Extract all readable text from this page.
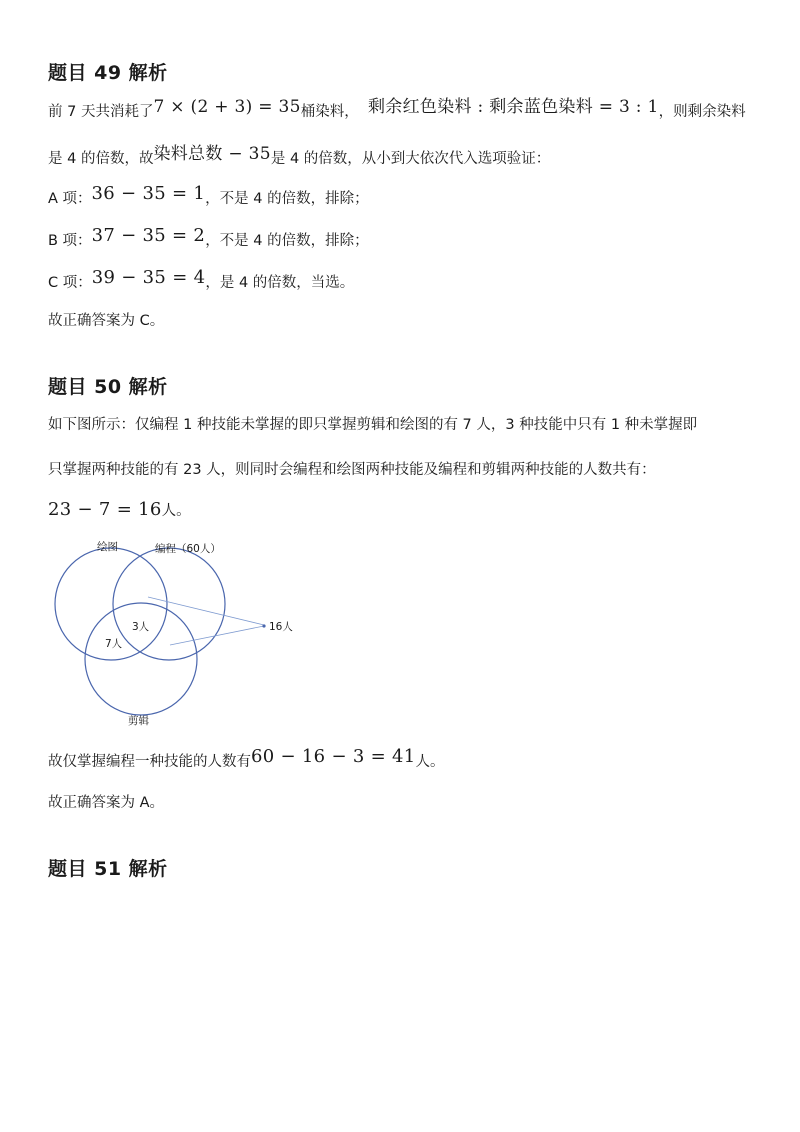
题目 49 解析
前 7 天共消耗了7 × (2 + 3) = 35桶染料， 剩余红色染料 : 剩余蓝色染料 = 3 : 1，则剩余染料
是 4 的倍数，故染料总数 − 35是 4 的倍数，从小到大依次代入选项验证：
A 项：36 − 35 = 1，不是 4 的倍数，排除；
B 项：37 − 35 = 2，不是 4 的倍数，排除；
C 项：39 − 35 = 4，是 4 的倍数，当选。
故正确答案为 C。
题目 50 解析
如下图所示：仅编程 1 种技能未掌握的即只掌握剪辑和绘图的有 7 人，3 种技能中只有 1 种未掌握即
只掌握两种技能的有 23 人，则同时会编程和绘图两种技能及编程和剪辑两种技能的人数共有：
23 − 7 = 16人。
绘图	编程（60人）
3人
7人
16人
剪辑
故仅掌握编程一种技能的人数有60 − 16 − 3 = 41人。
故正确答案为 A。
题目 51 解析
